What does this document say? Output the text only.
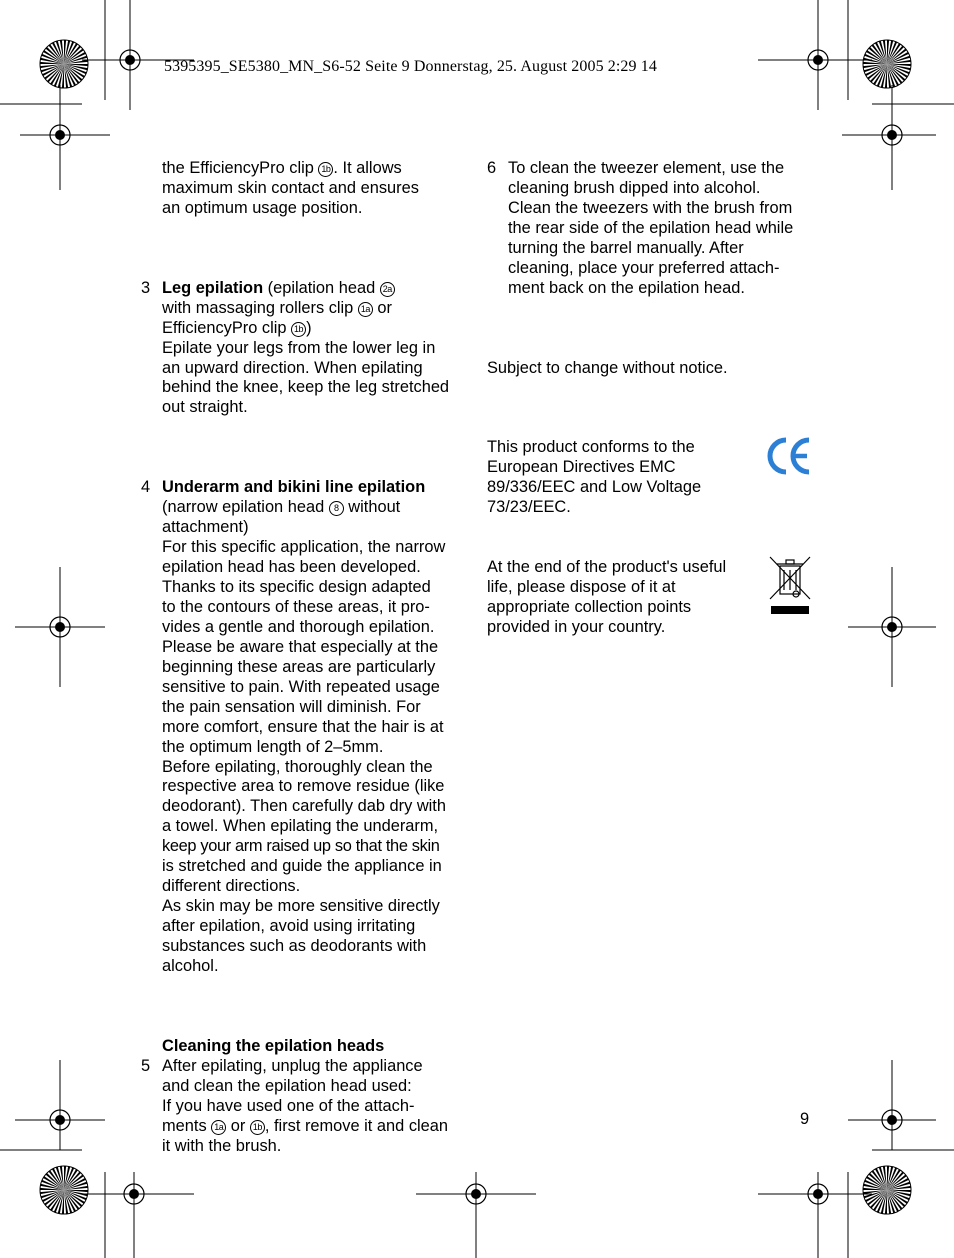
5395395_SE5380_MN_S6-52 Seite 9 Donnerstag, 25. August 2005 2:29 14

the EfficiencyPro clip 1b . It allows
maximum skin contact and ensures
an optimum usage position.

3 Leg epilation (epilation head 2a
with massaging rollers clip 1a or
EfficiencyPro clip 1b )
Epilate your legs from the lower leg in
an upward direction. When epilating
behind the knee, keep the leg stretched
out straight.
4 Underarm and bikini line epilation
(narrow epilation head 8 without
attachment)
For this specific application, the narrow
epilation head has been developed.
Thanks to its specific design adapted
to the contours of these areas, it pro-
vides a gentle and thorough epilation.
Please be aware that especially at the
beginning these areas are particularly
sensitive to pain. With repeated usage
the pain sensation will diminish. For
more comfort, ensure that the hair is at
the optimum length of 2–5mm.
Before epilating, thoroughly clean the
respective area to remove residue (like
deodorant). Then carefully dab dry with
a towel. When epilating the underarm,
keep your arm raised up so that the skin
is stretched and guide the appliance in
different directions.
As skin may be more sensitive directly
after epilation, avoid using irritating
substances such as deodorants with
alcohol.
Cleaning the epilation heads

5 After epilating, unplug the appliance
and clean the epilation head used:
If you have used one of the attach-
ments 1a or 1b , first remove it and clean
it with the brush.
6 To clean the tweezer element, use the
cleaning brush dipped into alcohol.
Clean the tweezers with the brush from
the rear side of the epilation head while
turning the barrel manually. After
cleaning, place your preferred attach-
ment back on the epilation head.

Subject to change without notice.

This product conforms to the
European Directives EMC
89/336/EEC and Low Voltage
73/23/EEC.
At the end of the product's useful
life, please dispose of it at
appropriate collection points
provided in your country.
9
